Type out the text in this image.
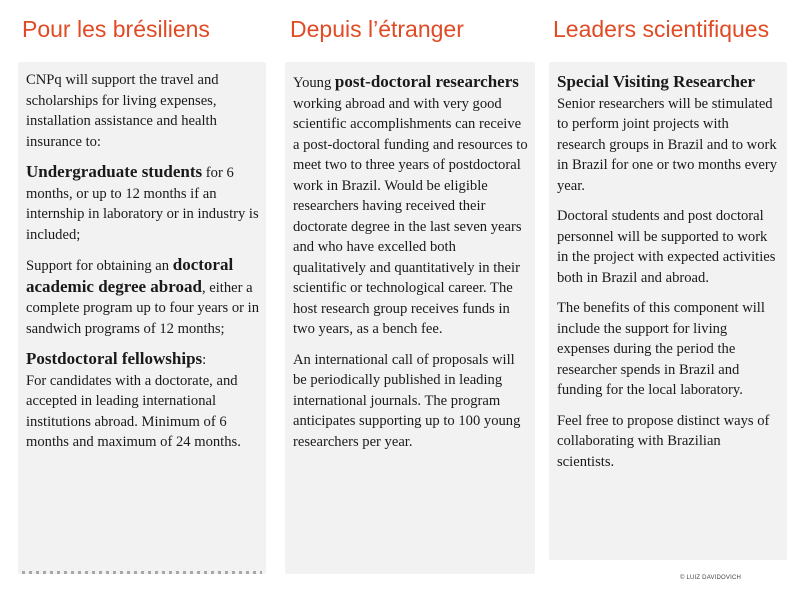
Pour les brésiliens	Depuis l’étranger	Leaders scientifiques

CNPq will support the travel and scholarships for living expenses, installation assistance and health insurance to:

Undergraduate students for 6 months, or up to 12 months if an internship in laboratory or in industry is included;

Support for obtaining an doctoral academic degree abroad, either a complete program up to four years or in sandwich programs of 12 months;

Postdoctoral fellowships:
For candidates with a doctorate, and accepted in leading international institutions abroad. Minimum of 6 months and maximum of 24 months.

Young post-doctoral researchers working abroad and with very good scientific accomplishments can receive a post-doctoral funding and resources to meet two to three years of postdoctoral work in Brazil. Would be eligible researchers having received their doctorate degree in the last seven years and who have excelled both qualitatively and quantitatively in their scientific or technological career. The host research group receives funds in two years, as a bench fee.

An international call of proposals will be periodically published in leading international journals. The program anticipates supporting up to 100 young researchers per year.

Special Visiting Researcher
Senior researchers will be stimulated to perform joint projects with research groups in Brazil and to work in Brazil for one or two months every year.

Doctoral students and post doctoral personnel will be supported to work in the project with expected activities both in Brazil and abroad.

The benefits of this component will include the support for living expenses during the period the researcher spends in Brazil and funding for the local laboratory.

Feel free to propose distinct ways of collaborating with Brazilian scientists.

© LUIZ DAVIDOVICH
